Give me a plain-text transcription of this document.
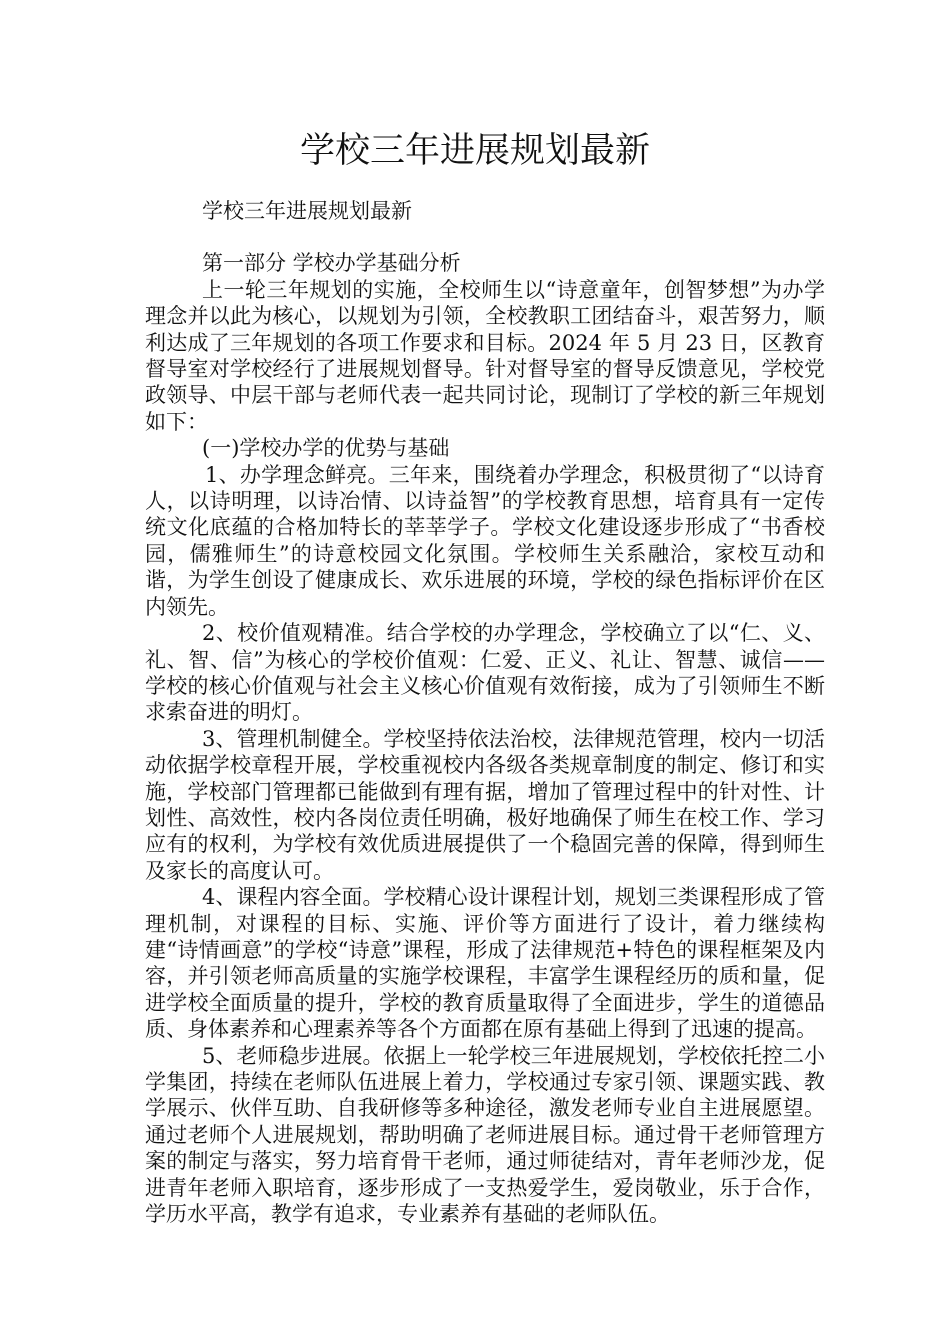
学校三年进展规划最新

学校三年进展规划最新

第一部分 学校办学基础分析

上一轮三年规划的实施，全校师生以“诗意童年，创智梦想”为办学理念并以此为核心，以规划为引领，全校教职工团结奋斗，艰苦努力，顺利达成了三年规划的各项工作要求和目标。2024 年 5 月 23 日，区教育督导室对学校经行了进展规划督导。针对督导室的督导反馈意见，学校党政领导、中层干部与老师代表一起共同讨论，现制订了学校的新三年规划如下：

(一)学校办学的优势与基础

1、办学理念鲜亮。三年来，围绕着办学理念，积极贯彻了“以诗育人，以诗明理，以诗冶情、以诗益智”的学校教育思想，培育具有一定传统文化底蕴的合格加特长的莘莘学子。学校文化建设逐步形成了“书香校园，儒雅师生”的诗意校园文化氛围。学校师生关系融洽，家校互动和谐，为学生创设了健康成长、欢乐进展的环境，学校的绿色指标评价在区内领先。

2、校价值观精准。结合学校的办学理念，学校确立了以“仁、义、礼、智、信”为核心的学校价值观：仁爱、正义、礼让、智慧、诚信——学校的核心价值观与社会主义核心价值观有效衔接，成为了引领师生不断求索奋进的明灯。

3、管理机制健全。学校坚持依法治校，法律规范管理，校内一切活动依据学校章程开展，学校重视校内各级各类规章制度的制定、修订和实施，学校部门管理都已能做到有理有据，增加了管理过程中的针对性、计划性、高效性，校内各岗位责任明确，极好地确保了师生在校工作、学习应有的权利，为学校有效优质进展提供了一个稳固完善的保障，得到师生及家长的高度认可。

4、课程内容全面。学校精心设计课程计划，规划三类课程形成了管理机制，对课程的目标、实施、评价等方面进行了设计，着力继续构建“诗情画意”的学校“诗意”课程，形成了法律规范+特色的课程框架及内容，并引领老师高质量的实施学校课程，丰富学生课程经历的质和量，促进学校全面质量的提升，学校的教育质量取得了全面进步，学生的道德品质、身体素养和心理素养等各个方面都在原有基础上得到了迅速的提高。

5、老师稳步进展。依据上一轮学校三年进展规划，学校依托控二小学集团，持续在老师队伍进展上着力，学校通过专家引领、课题实践、教学展示、伙伴互助、自我研修等多种途径，激发老师专业自主进展愿望。通过老师个人进展规划，帮助明确了老师进展目标。通过骨干老师管理方案的制定与落实，努力培育骨干老师，通过师徒结对，青年老师沙龙，促进青年老师入职培育，逐步形成了一支热爱学生，爱岗敬业，乐于合作，学历水平高，教学有追求，专业素养有基础的老师队伍。
